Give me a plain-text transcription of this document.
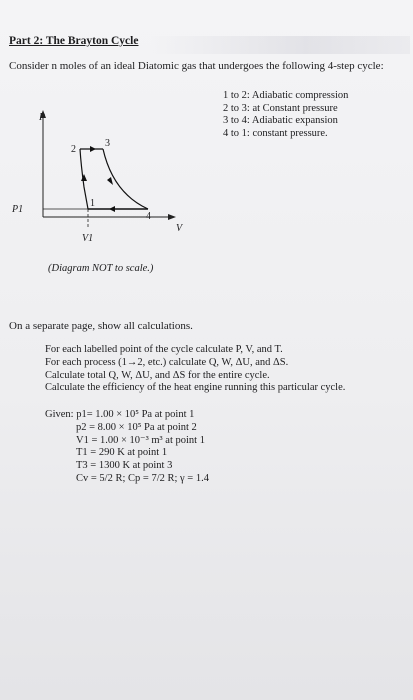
Part 2: The Brayton Cycle
Consider n moles of an ideal Diatomic gas that undergoes the following 4-step cycle:
1 to 2: Adiabatic compression
2 to 3: at Constant pressure
3 to 4: Adiabatic expansion
4 to 1: constant pressure.
P
V
P1
V1
2
3
1
4
(Diagram NOT to scale.)
On a separate page, show all calculations.
For each labelled point of the cycle calculate P, V, and T.
For each process (1→2, etc.) calculate Q, W, ΔU, and ΔS.
Calculate total Q, W, ΔU, and ΔS for the entire cycle.
Calculate the efficiency of the heat engine running this particular cycle.
Given: p1= 1.00 × 10⁵ Pa at point 1
p2 = 8.00 × 10⁵ Pa at point 2
V1 = 1.00 × 10⁻³ m³ at point 1
T1 = 290 K at point 1
T3 = 1300 K at point 3
Cv = 5/2 R; Cp = 7/2 R; γ = 1.4
